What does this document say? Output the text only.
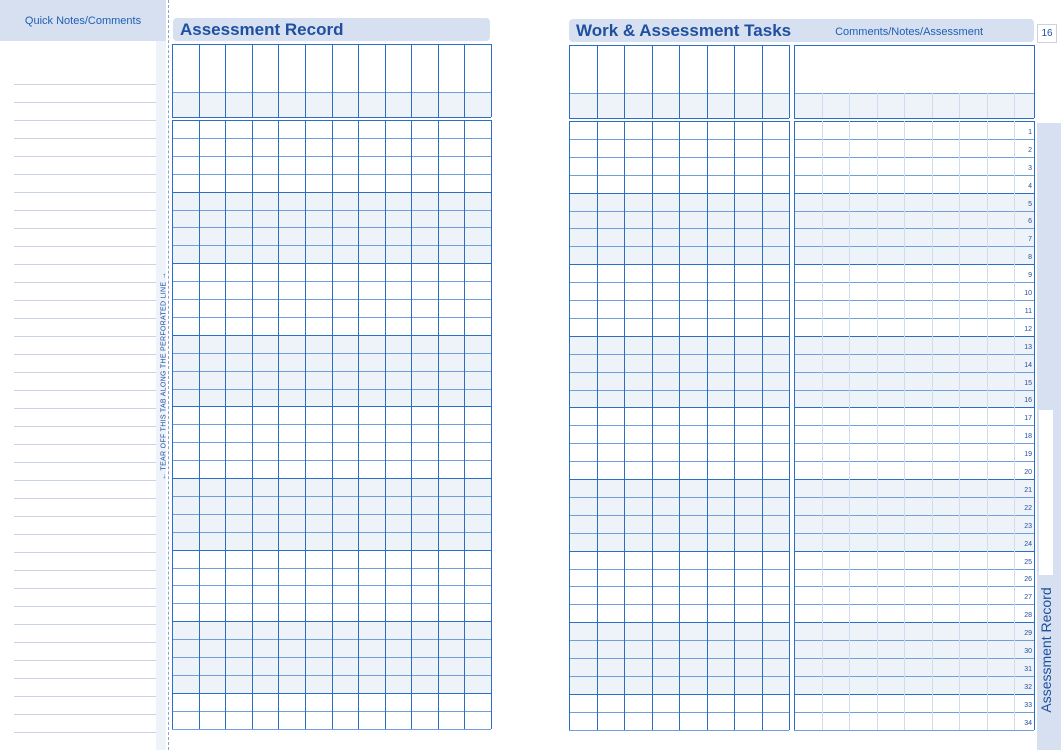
Quick Notes/Comments
← TEAR OFF THIS TAB ALONG THE PERFORATED LINE →
Assessment Record	Work & Assessment Tasks	Comments/Notes/Assessment	16
1
2
3
4
5
6
7
8
9
10
11
12
13
14
15
16
17
18
19
20
21
22
23
24
25
26
27
28
29
30
31
32
33
34
Assessment Record
